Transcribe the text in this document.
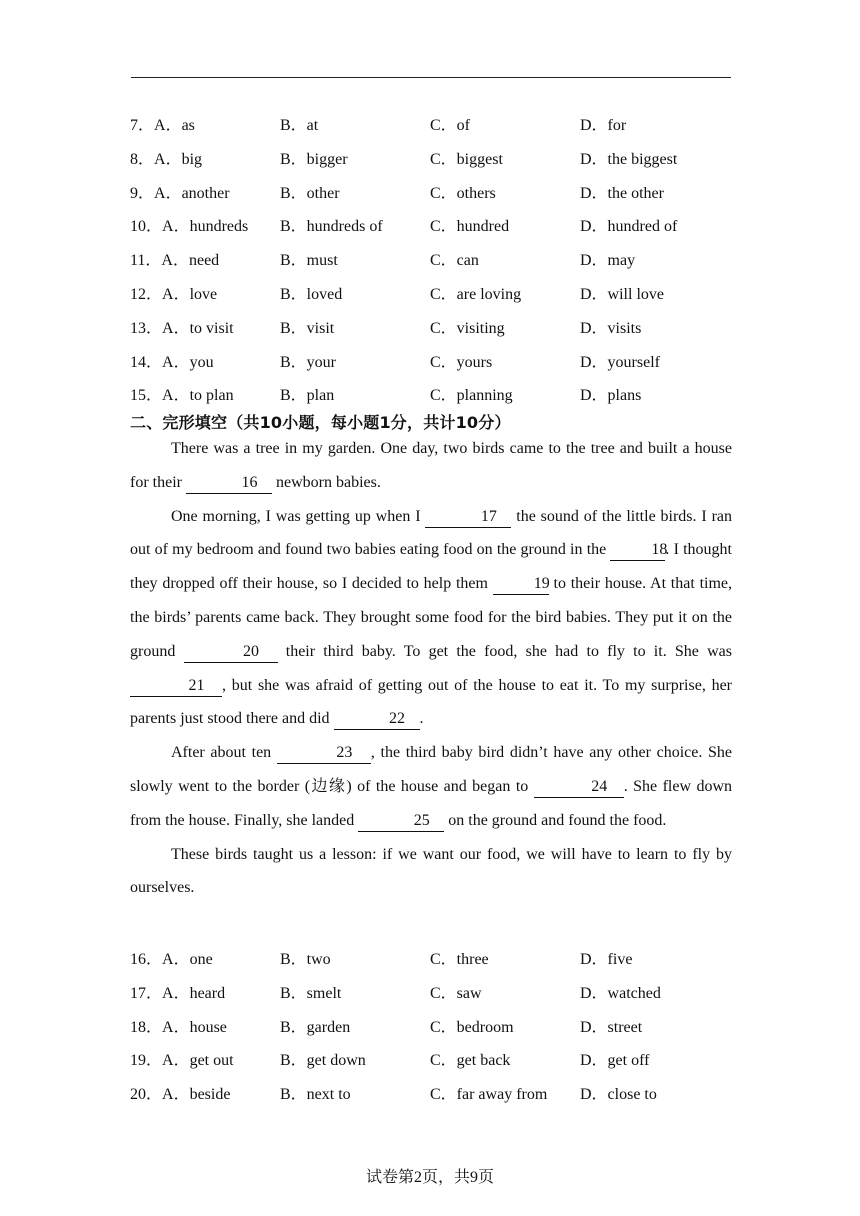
7．A．as	B．at	C．of	D．for
8．A．big	B．bigger	C．biggest	D．the biggest
9．A．another	B．other	C．others	D．the other
10．A．hundreds B．hundreds of	C．hundred	D．hundred of
11．A．need	B．must	C．can	D．may
12．A．love	B．loved	C．are loving	D．will love
13．A．to visit	B．visit	C．visiting	D．visits
14．A．you	B．your	C．yours	D．yourself
15．A．to plan	B．plan	C．planning	D．plans
二、完形填空（共10小题，每小题1分，共计10分）

There was a tree in my garden. One day, two birds came to the tree and built a house for their	16 newborn babies.

One morning, I was getting up when I	17 the sound of the little birds. I ran out of my bedroom and found two babies eating food on the ground in the	18. I thought they dropped off their house, so I decided to help them	19 to their house. At that time, the birds’ parents came back. They brought some food for the bird babies. They put it on the ground	20 their third baby. To get the food, she had to fly to it. She was 21 , but she was afraid of getting out of the house to eat it. To my surprise, her parents just stood there and did	22 .

After about ten	23 , the third baby bird didn’t have any other choice. She slowly went to the border (边缘) of the house and began to	24 . She flew down from the house. Finally, she landed	25 on the ground and found the food.

These birds taught us a lesson: if we want our food, we will have to learn to fly by ourselves.

16．A．one	B．two	C．three	D．five
17．A．heard	B．smelt	C．saw	D．watched
18．A．house	B．garden	C．bedroom	D．street
19．A．get out	B．get down	C．get back	D．get off
20．A．beside	B．next to	C．far away from D．close to
试卷第2页，共9页
